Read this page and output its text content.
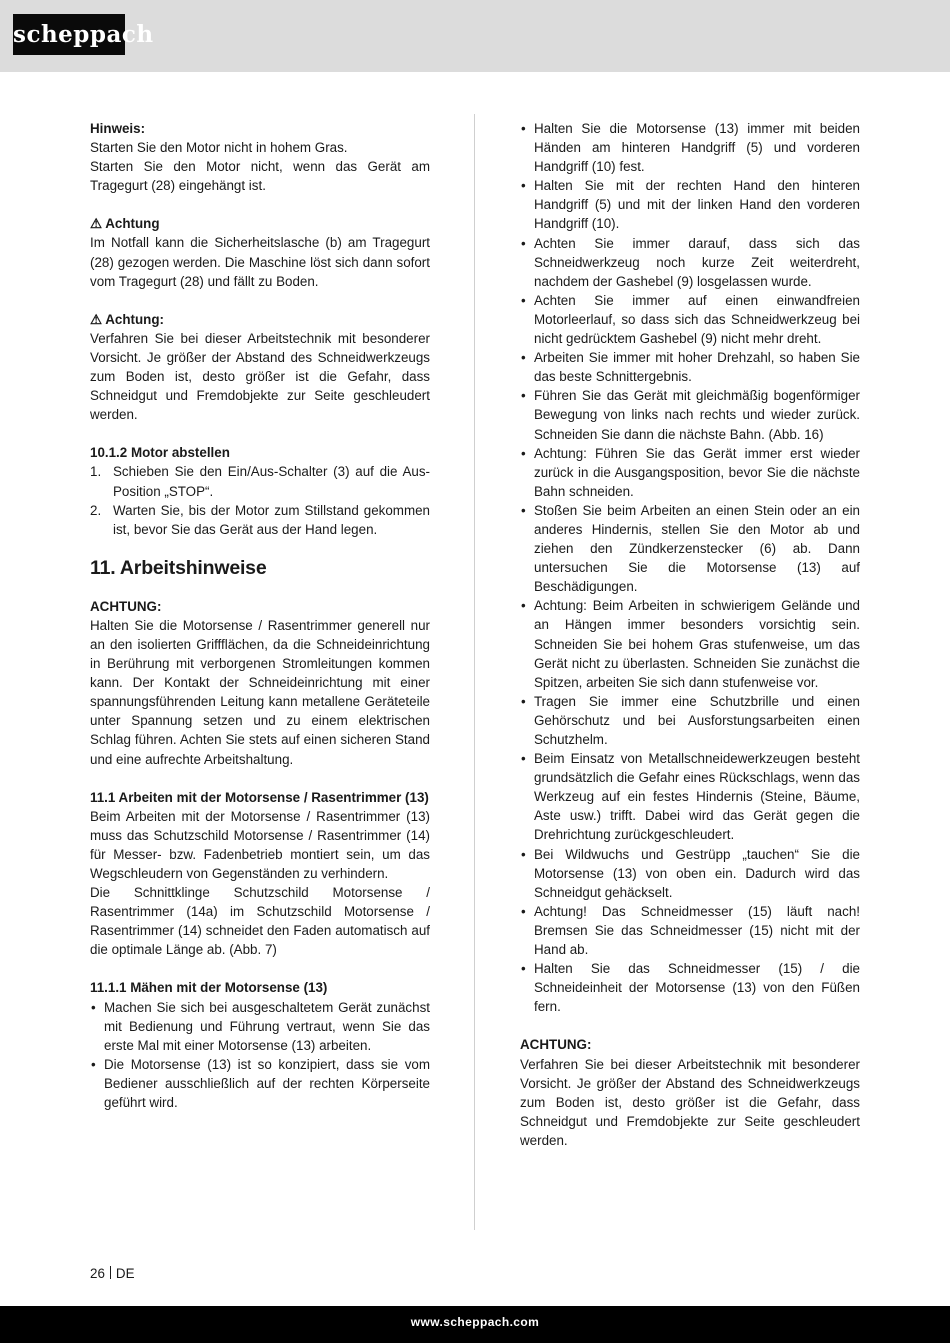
scheppach

Hinweis:

Starten Sie den Motor nicht in hohem Gras.

Starten Sie den Motor nicht, wenn das Gerät am Tragegurt (28) eingehängt ist.

⚠ Achtung

Im Notfall kann die Sicherheitslasche (b) am Tragegurt (28) gezogen werden. Die Maschine löst sich dann sofort vom Tragegurt (28) und fällt zu Boden.

⚠ Achtung:

Verfahren Sie bei dieser Arbeitstechnik mit besonderer Vorsicht. Je größer der Abstand des Schneidwerkzeugs zum Boden ist, desto größer ist die Gefahr, dass Schneidgut und Fremdobjekte zur Seite geschleudert werden.

10.1.2 Motor abstellen

1. Schieben Sie den Ein/Aus-Schalter (3) auf die Aus-Position „STOP“.
2. Warten Sie, bis der Motor zum Stillstand gekommen ist, bevor Sie das Gerät aus der Hand legen.
11. Arbeitshinweise

ACHTUNG:

Halten Sie die Motorsense / Rasentrimmer generell nur an den isolierten Griffflächen, da die Schneideinrichtung in Berührung mit verborgenen Stromleitungen kommen kann. Der Kontakt der Schneideinrichtung mit einer spannungsführenden Leitung kann metallene Geräteteile unter Spannung setzen und zu einem elektrischen Schlag führen. Achten Sie stets auf einen sicheren Stand und eine aufrechte Arbeitshaltung.

11.1 Arbeiten mit der Motorsense / Rasentrimmer (13)

Beim Arbeiten mit der Motorsense / Rasentrimmer (13) muss das Schutzschild Motorsense / Rasentrimmer (14) für Messer- bzw. Fadenbetrieb montiert sein, um das Wegschleudern von Gegenständen zu verhindern.

Die Schnittklinge Schutzschild Motorsense / Rasentrimmer (14a) im Schutzschild Motorsense / Rasentrimmer (14) schneidet den Faden automatisch auf die optimale Länge ab. (Abb. 7)

11.1.1 Mähen mit der Motorsense (13)

• Machen Sie sich bei ausgeschaltetem Gerät zunächst mit Bedienung und Führung vertraut, wenn Sie das erste Mal mit einer Motorsense (13) arbeiten.
• Die Motorsense (13) ist so konzipiert, dass sie vom Bediener ausschließlich auf der rechten Körperseite geführt wird.
• Halten Sie die Motorsense (13) immer mit beiden Händen am hinteren Handgriff (5) und vorderen Handgriff (10) fest.
• Halten Sie mit der rechten Hand den hinteren Handgriff (5) und mit der linken Hand den vorderen Handgriff (10).
• Achten Sie immer darauf, dass sich das Schneidwerkzeug noch kurze Zeit weiterdreht, nachdem der Gashebel (9) losgelassen wurde.
• Achten Sie immer auf einen einwandfreien Motorleerlauf, so dass sich das Schneidwerkzeug bei nicht gedrücktem Gashebel (9) nicht mehr dreht.
• Arbeiten Sie immer mit hoher Drehzahl, so haben Sie das beste Schnittergebnis.
• Führen Sie das Gerät mit gleichmäßig bogenförmiger Bewegung von links nach rechts und wieder zurück. Schneiden Sie dann die nächste Bahn. (Abb. 16)
• Achtung: Führen Sie das Gerät immer erst wieder zurück in die Ausgangsposition, bevor Sie die nächste Bahn schneiden.
• Stoßen Sie beim Arbeiten an einen Stein oder an ein anderes Hindernis, stellen Sie den Motor ab und ziehen den Zündkerzenstecker (6) ab. Dann untersuchen Sie die Motorsense (13) auf Beschädigungen.
• Achtung: Beim Arbeiten in schwierigem Gelände und an Hängen immer besonders vorsichtig sein. Schneiden Sie bei hohem Gras stufenweise, um das Gerät nicht zu überlasten. Schneiden Sie zunächst die Spitzen, arbeiten Sie sich dann stufenweise vor.
• Tragen Sie immer eine Schutzbrille und einen Gehörschutz und bei Ausforstungsarbeiten einen Schutzhelm.
• Beim Einsatz von Metallschneidewerkzeugen besteht grundsätzlich die Gefahr eines Rückschlags, wenn das Werkzeug auf ein festes Hindernis (Steine, Bäume, Aste usw.) trifft. Dabei wird das Gerät gegen die Drehrichtung zurückgeschleudert.
• Bei Wildwuchs und Gestrüpp „tauchen“ Sie die Motorsense (13) von oben ein. Dadurch wird das Schneidgut gehäckselt.
• Achtung! Das Schneidmesser (15) läuft nach! Bremsen Sie das Schneidmesser (15) nicht mit der Hand ab.
• Halten Sie das Schneidmesser (15) / die Schneideinheit der Motorsense (13) von den Füßen fern.

ACHTUNG:

Verfahren Sie bei dieser Arbeitstechnik mit besonderer Vorsicht. Je größer der Abstand des Schneidwerkzeugs zum Boden ist, desto größer ist die Gefahr, dass Schneidgut und Fremdobjekte zur Seite geschleudert werden.

26 DE
www.scheppach.com
